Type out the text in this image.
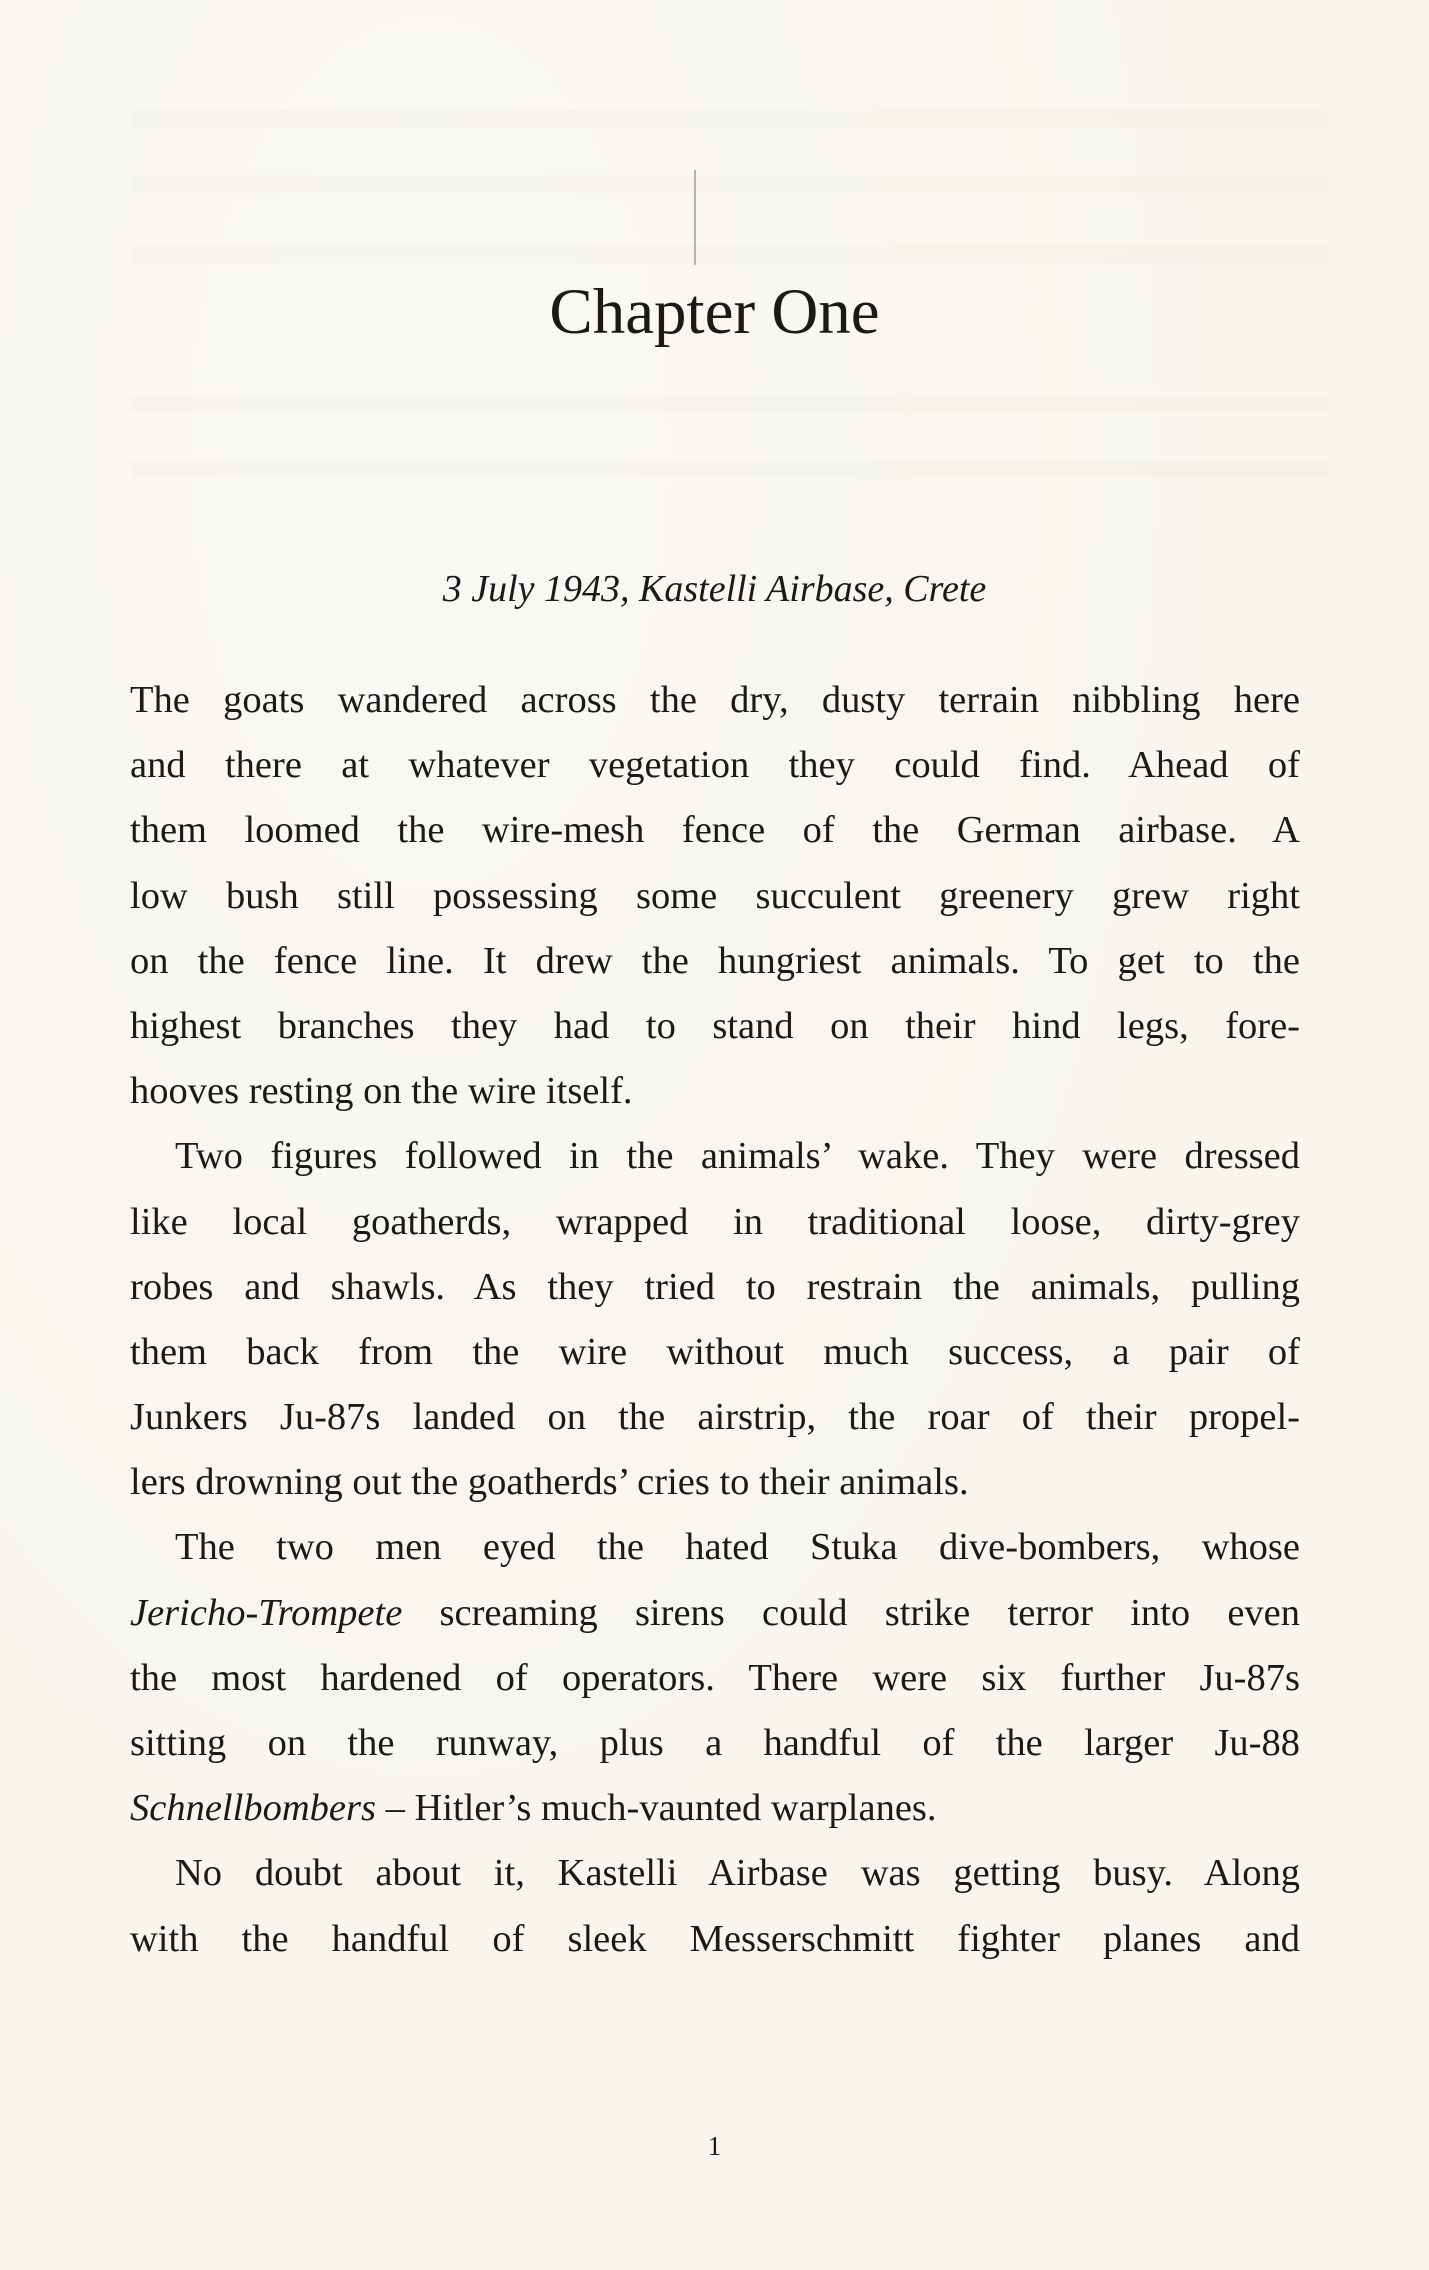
Chapter One

3 July 1943, Kastelli Airbase, Crete

The goats wandered across the dry, dusty terrain nibbling here
and there at whatever vegetation they could find. Ahead of
them loomed the wire-mesh fence of the German airbase. A
low bush still possessing some succulent greenery grew right
on the fence line. It drew the hungriest animals. To get to the
highest branches they had to stand on their hind legs, fore-
hooves resting on the wire itself.
Two figures followed in the animals’ wake. They were dressed
like local goatherds, wrapped in traditional loose, dirty-grey
robes and shawls. As they tried to restrain the animals, pulling
them back from the wire without much success, a pair of
Junkers Ju-87s landed on the airstrip, the roar of their propel-
lers drowning out the goatherds’ cries to their animals.
The two men eyed the hated Stuka dive-bombers, whose
Jericho-Trompete screaming sirens could strike terror into even
the most hardened of operators. There were six further Ju-87s
sitting on the runway, plus a handful of the larger Ju-88
Schnellbombers – Hitler’s much-vaunted warplanes.
No doubt about it, Kastelli Airbase was getting busy. Along
with the handful of sleek Messerschmitt fighter planes and
1
